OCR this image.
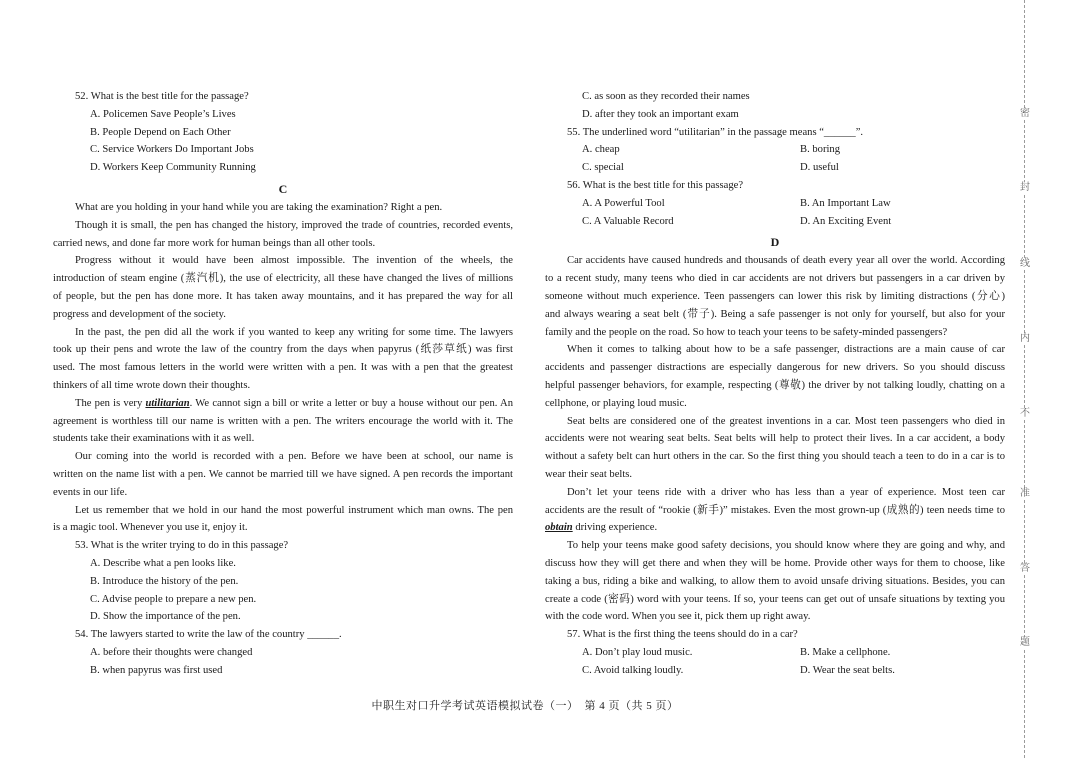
52. What is the best title for the passage?
A. Policemen Save People’s Lives
B. People Depend on Each Other
C. Service Workers Do Important Jobs
D. Workers Keep Community Running
C
What are you holding in your hand while you are taking the examination? Right a pen.
Though it is small, the pen has changed the history, improved the trade of countries, recorded events,
carried news, and done far more work for human beings than all other tools.
Progress without it would have been almost impossible. The invention of the wheels, the
introduction of steam engine (蒸汽机), the use of electricity, all these have changed the lives of millions
of people, but the pen has done more. It has taken away mountains, and it has prepared the way for all
progress and development of the society.
In the past, the pen did all the work if you wanted to keep any writing for some time. The lawyers
took up their pens and wrote the law of the country from the days when papyrus (纸莎草纸) was first
used. The most famous letters in the world were written with a pen. It was with a pen that the greatest
thinkers of all time wrote down their thoughts.
The pen is very utilitarian. We cannot sign a bill or write a letter or buy a house without our pen. An
agreement is worthless till our name is written with a pen. The writers encourage the world with it. The
students take their examinations with it as well.
Our coming into the world is recorded with a pen. Before we have been at school, our name is
written on the name list with a pen. We cannot be married till we have signed. A pen records the important
events in our life.
Let us remember that we hold in our hand the most powerful instrument which man owns. The pen
is a magic tool. Whenever you use it, enjoy it.
53. What is the writer trying to do in this passage?
A. Describe what a pen looks like.
B. Introduce the history of the pen.
C. Advise people to prepare a new pen.
D. Show the importance of the pen.
54. The lawyers started to write the law of the country ______.
A. before their thoughts were changed
B. when papyrus was first used
C. as soon as they recorded their names
D. after they took an important exam
55. The underlined word “utilitarian” in the passage means “______”.
A. cheap	B. boring
C. special	D. useful
56. What is the best title for this passage?
A. A Powerful Tool	B. An Important Law
C. A Valuable Record	D. An Exciting Event
D
Car accidents have caused hundreds and thousands of death every year all over the world. According
to a recent study, many teens who died in car accidents are not drivers but passengers in a car driven by
someone without much experience. Teen passengers can lower this risk by limiting distractions (分心)
and always wearing a seat belt (带子). Being a safe passenger is not only for yourself, but also for your
family and the people on the road. So how to teach your teens to be safety-minded passengers?
When it comes to talking about how to be a safe passenger, distractions are a main cause of car
accidents and passenger distractions are especially dangerous for new drivers. So you should discuss
helpful passenger behaviors, for example, respecting (尊敬) the driver by not talking loudly, chatting on a
cellphone, or playing loud music.
Seat belts are considered one of the greatest inventions in a car. Most teen passengers who died in
accidents were not wearing seat belts. Seat belts will help to protect their lives. In a car accident, a body
without a safety belt can hurt others in the car. So the first thing you should teach a teen to do in a car is to
wear their seat belts.
Don’t let your teens ride with a driver who has less than a year of experience. Most teen car
accidents are the result of “rookie (新手)” mistakes. Even the most grown-up (成熟的) teen needs time to
obtain driving experience.
To help your teens make good safety decisions, you should know where they are going and why, and
discuss how they will get there and when they will be home. Provide other ways for them to choose, like
taking a bus, riding a bike and walking, to allow them to avoid unsafe driving situations. Besides, you can
create a code (密码) word with your teens. If so, your teens can get out of unsafe situations by texting you
with the code word. When you see it, pick them up right away.
57. What is the first thing the teens should do in a car?
A. Don’t play loud music.	B. Make a cellphone.
C. Avoid talking loudly.	D. Wear the seat belts.
中职生对口升学考试英语模拟试卷（一）　第 4 页（共 5 页）
密
封
线
内
不
准
答
题
